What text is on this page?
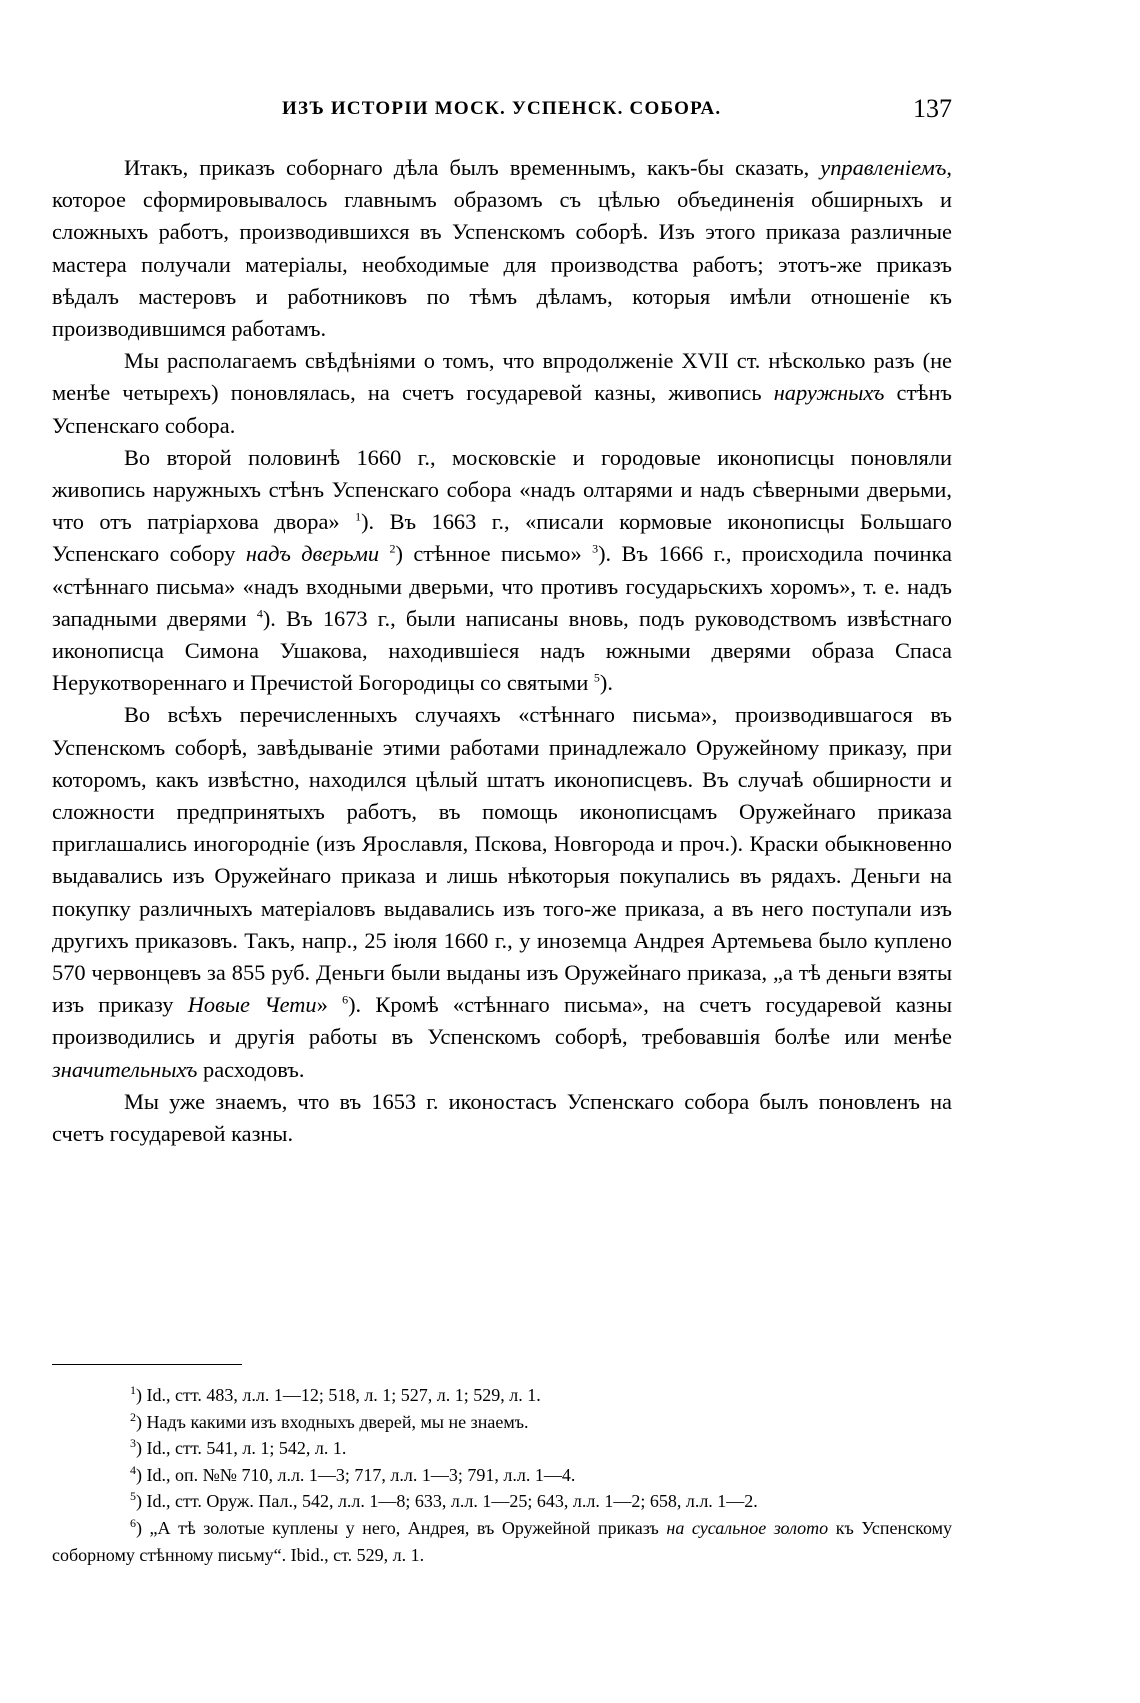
ИЗЪ ИСТОРІИ МОСК. УСПЕНСК. СОБОРА.	137

Итакъ, приказъ соборнаго дѣла былъ временнымъ, какъ-бы сказать, управленіемъ, которое сформировывалось главнымъ образомъ съ цѣлью объединенія обширныхъ и сложныхъ работъ, производившихся въ Успенскомъ соборѣ. Изъ этого приказа различные мастера получали матеріалы, необходимые для производства работъ; этотъ-же приказъ вѣдалъ мастеровъ и работниковъ по тѣмъ дѣламъ, которыя имѣли отношеніе къ производившимся работамъ.

Мы располагаемъ свѣдѣніями о томъ, что впродолженіе XVII ст. нѣсколько разъ (не менѣе четырехъ) поновлялась, на счетъ государевой казны, живопись наружныхъ стѣнъ Успенскаго собора.

Во второй половинѣ 1660 г., московскіе и городовые иконописцы поновляли живопись наружныхъ стѣнъ Успенскаго собора «надъ олтарями и надъ сѣверными дверьми, что отъ патріархова двора» $^1$). Въ 1663 г., «писали кормовые иконописцы Большаго Успенскаго собору надъ дверьми $^2$) стѣнное письмо» $^3$). Въ 1666 г., происходила починка «стѣннаго письма» «надъ входными дверьми, что противъ государьскихъ хоромъ», т. е. надъ западными дверями $^4$). Въ 1673 г., были написаны вновь, подъ руководствомъ извѣстнаго иконописца Симона Ушакова, находившіеся надъ южными дверями образа Спаса Нерукотвореннаго и Пречистой Богородицы со святыми $^5$).

Во всѣхъ перечисленныхъ случаяхъ «стѣннаго письма», производившагося въ Успенскомъ соборѣ, завѣдываніе этими работами принадлежало Оружейному приказу, при которомъ, какъ извѣстно, находился цѣлый штатъ иконописцевъ. Въ случаѣ обширности и сложности предпринятыхъ работъ, въ помощь иконописцамъ Оружейнаго приказа приглашались иногородніе (изъ Ярославля, Пскова, Новгорода и проч.). Краски обыкновенно выдавались изъ Оружейнаго приказа и лишь нѣкоторыя покупались въ рядахъ. Деньги на покупку различныхъ матеріаловъ выдавались изъ того-же приказа, а въ него поступали изъ другихъ приказовъ. Такъ, напр., 25 іюля 1660 г., у иноземца Андрея Артемьева было куплено 570 червонцевъ за 855 руб. Деньги были выданы изъ Оружейнаго приказа, „а тѣ деньги взяты изъ приказу Новые Чети» $^6$). Кромѣ «стѣннаго письма», на счетъ государевой казны производились и другія работы въ Успенскомъ соборѣ, требовавшія болѣе или менѣе значительныхъ расходовъ.

Мы уже знаемъ, что въ 1653 г. иконостасъ Успенскаго собора былъ поновленъ на счетъ государевой казны.

$^1$) Id., стт. 483, л.л. 1—12; 518, л. 1; 527, л. 1; 529, л. 1.

$^2$) Надъ какими изъ входныхъ дверей, мы не знаемъ.

$^3$) Id., стт. 541, л. 1; 542, л. 1.

$^4$) Id., оп. №№ 710, л.л. 1—3; 717, л.л. 1—3; 791, л.л. 1—4.

$^5$) Id., стт. Оруж. Пал., 542, л.л. 1—8; 633, л.л. 1—25; 643, л.л. 1—2; 658, л.л. 1—2.

$^6$) „А тѣ золотые куплены у него, Андрея, въ Оружейной приказъ на сусальное золото къ Успенскому соборному стѣнному письму“. Ibid., ст. 529, л. 1.
